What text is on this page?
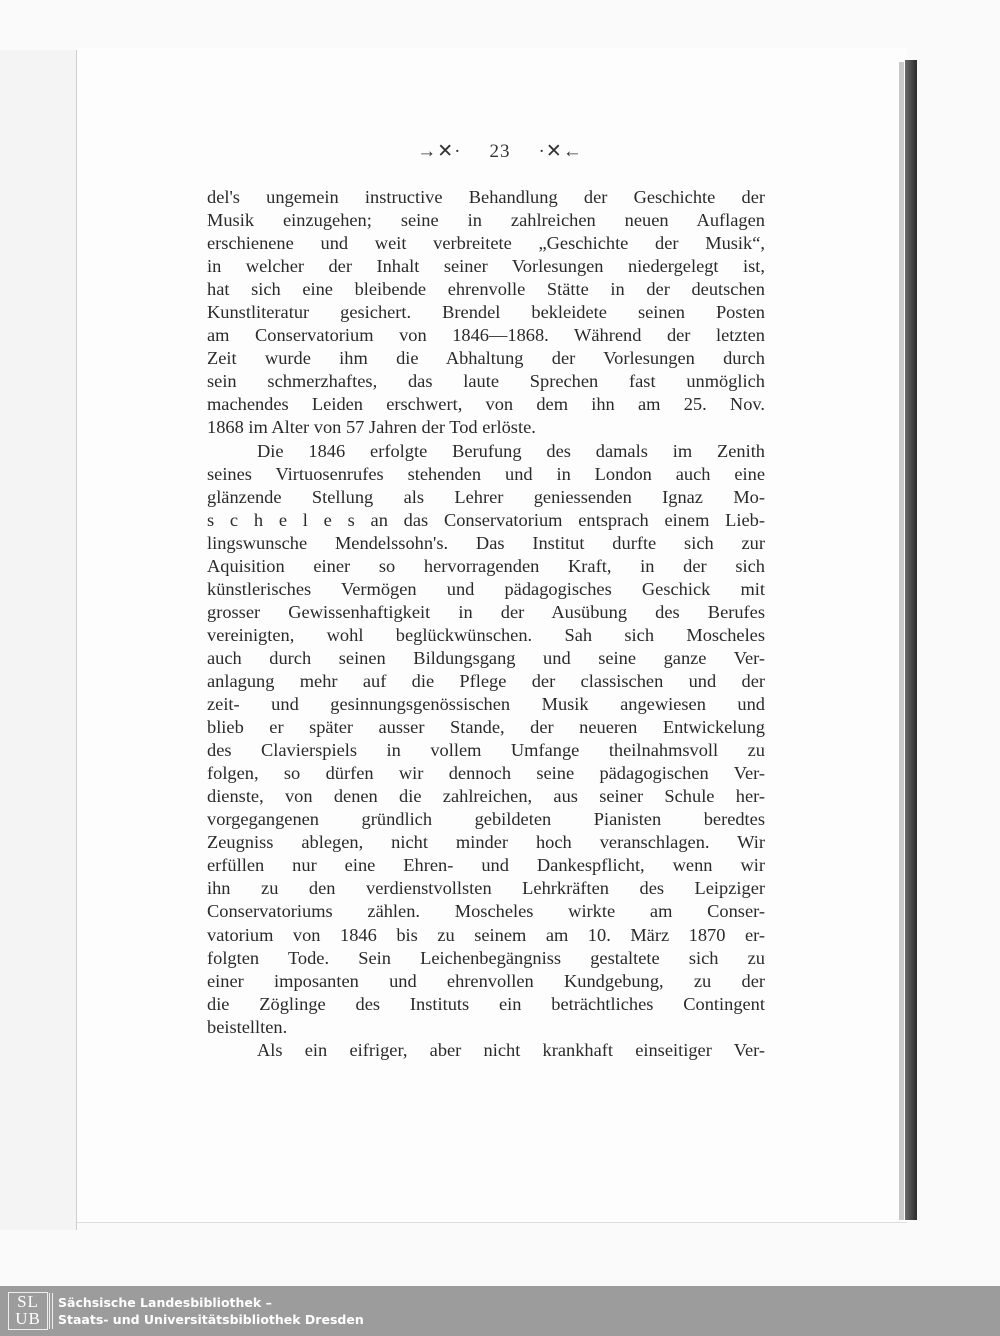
→✕· 23 ·✕←
del's ungemein instructive Behandlung der Geschichte der
Musik einzugehen; seine in zahlreichen neuen Auflagen
erschienene und weit verbreitete „Geschichte der Musik“,
in welcher der Inhalt seiner Vorlesungen niedergelegt ist,
hat sich eine bleibende ehrenvolle Stätte in der deutschen
Kunstliteratur gesichert. Brendel bekleidete seinen Posten
am Conservatorium von 1846—1868. Während der letzten
Zeit wurde ihm die Abhaltung der Vorlesungen durch
sein schmerzhaftes, das laute Sprechen fast unmöglich
machendes Leiden erschwert, von dem ihn am 25. Nov.
1868 im Alter von 57 Jahren der Tod erlöste.
Die 1846 erfolgte Berufung des damals im Zenith
seines Virtuosenrufes stehenden und in London auch eine
glänzende Stellung als Lehrer geniessenden Ignaz Mo-
s c h e l e s an das Conservatorium entsprach einem Lieb-
lingswunsche Mendelssohn's. Das Institut durfte sich zur
Aquisition einer so hervorragenden Kraft, in der sich
künstlerisches Vermögen und pädagogisches Geschick mit
grosser Gewissenhaftigkeit in der Ausübung des Berufes
vereinigten, wohl beglückwünschen. Sah sich Moscheles
auch durch seinen Bildungsgang und seine ganze Ver-
anlagung mehr auf die Pflege der classischen und der
zeit- und gesinnungsgenössischen Musik angewiesen und
blieb er später ausser Stande, der neueren Entwickelung
des Clavierspiels in vollem Umfange theilnahmsvoll zu
folgen, so dürfen wir dennoch seine pädagogischen Ver-
dienste, von denen die zahlreichen, aus seiner Schule her-
vorgegangenen gründlich gebildeten Pianisten beredtes
Zeugniss ablegen, nicht minder hoch veranschlagen. Wir
erfüllen nur eine Ehren- und Dankespflicht, wenn wir
ihn zu den verdienstvollsten Lehrkräften des Leipziger
Conservatoriums zählen. Moscheles wirkte am Conser-
vatorium von 1846 bis zu seinem am 10. März 1870 er-
folgten Tode. Sein Leichenbegängniss gestaltete sich zu
einer imposanten und ehrenvollen Kundgebung, zu der
die Zöglinge des Instituts ein beträchtliches Contingent
beistellten.
Als ein eifriger, aber nicht krankhaft einseitiger Ver-
SL
UB
Sächsische Landesbibliothek –
Staats- und Universitätsbibliothek Dresden
